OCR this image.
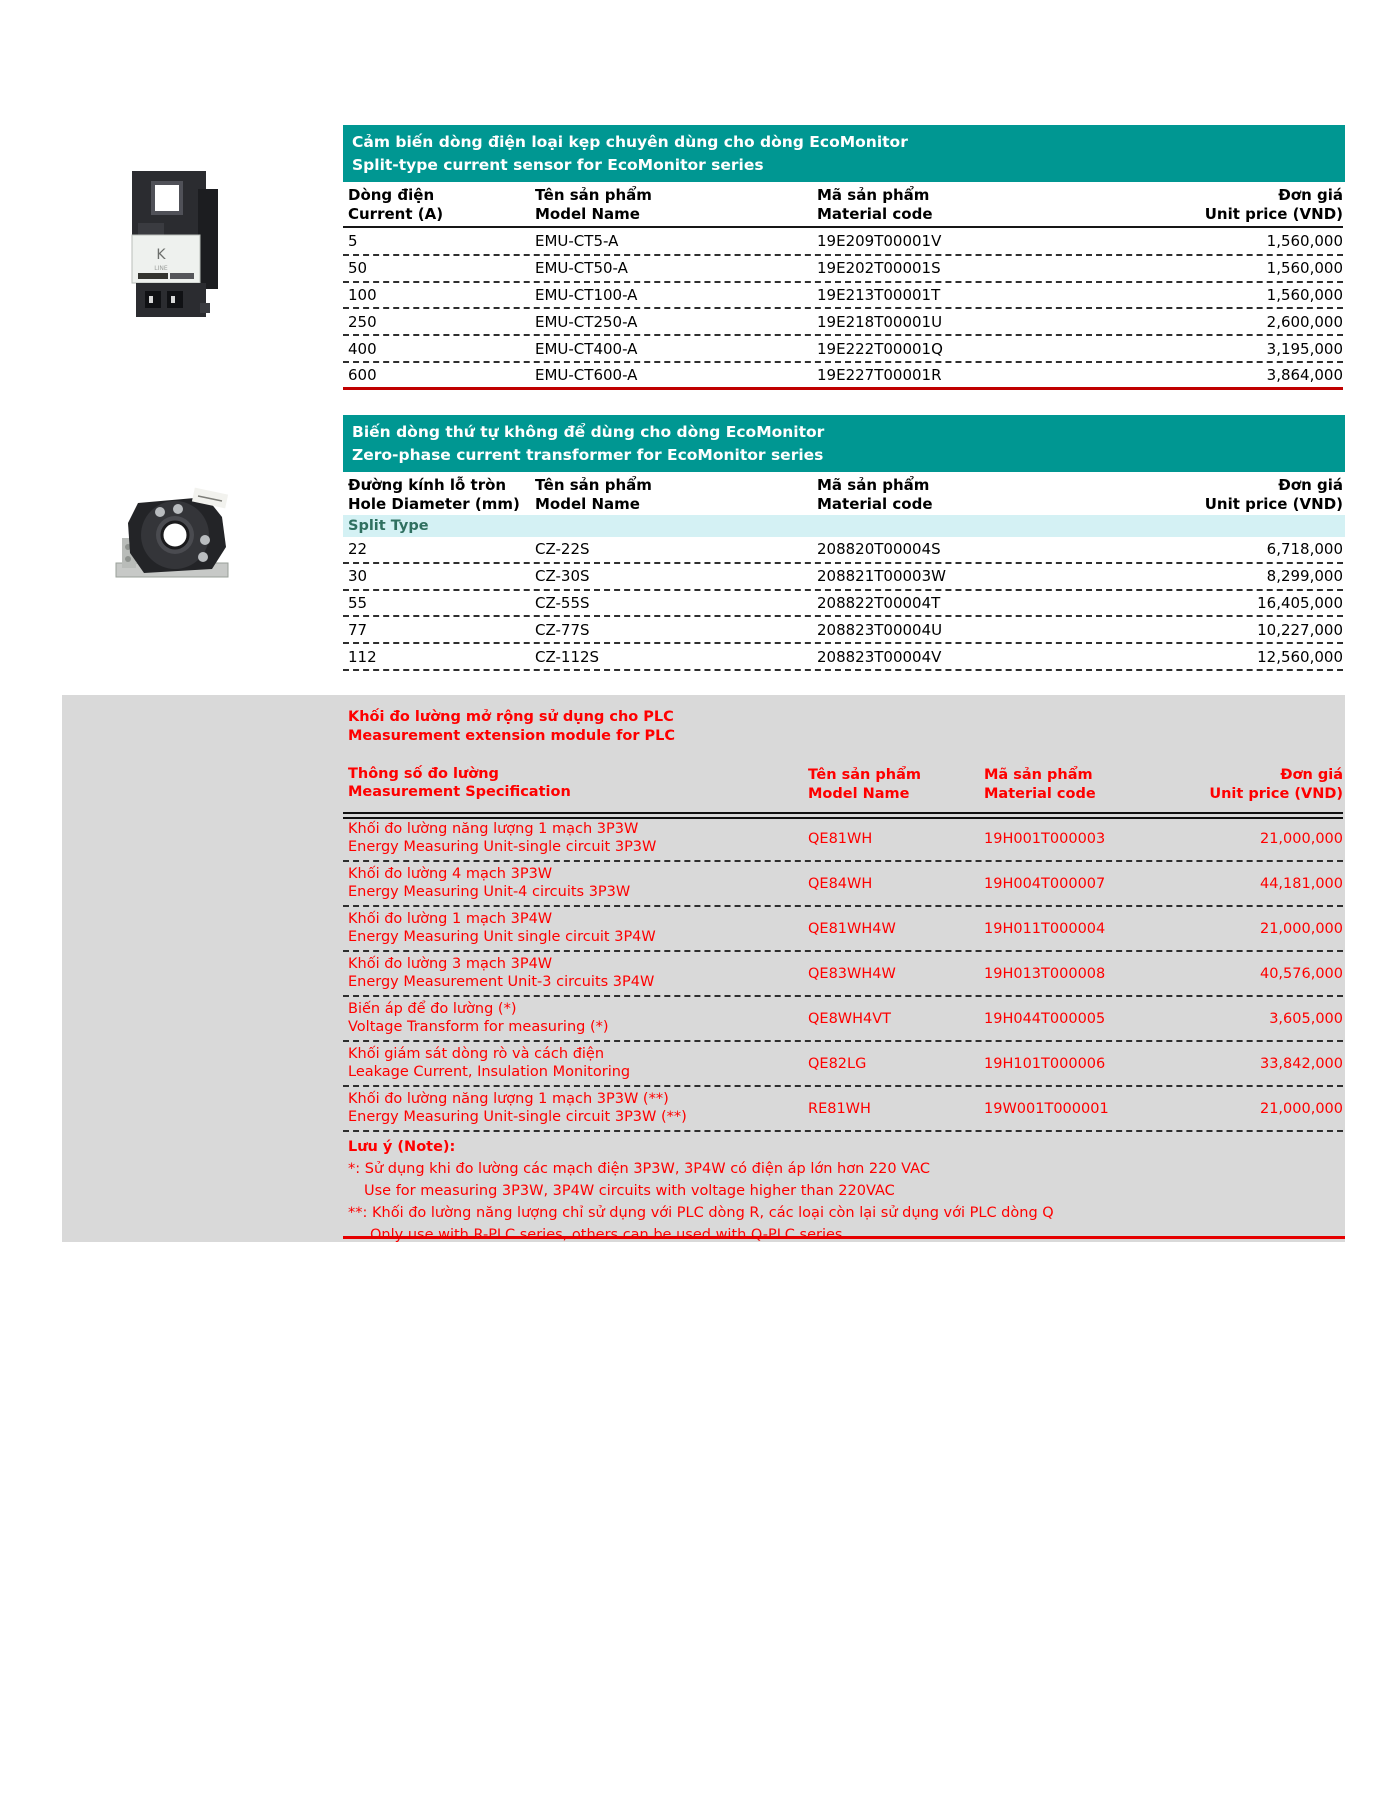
K
LINE
Cảm biến dòng điện loại kẹp chuyên dùng cho dòng EcoMonitor
Split-type current sensor for EcoMonitor series
Dòng điện
Current (A)
Tên sản phẩm
Model Name
Mã sản phẩm
Material code
Đơn giá
Unit price (VND)
5	EMU-CT5-A	19E209T00001V	1,560,000
50	EMU-CT50-A	19E202T00001S	1,560,000
100	EMU-CT100-A	19E213T00001T	1,560,000
250	EMU-CT250-A	19E218T00001U	2,600,000
400	EMU-CT400-A	19E222T00001Q	3,195,000
600	EMU-CT600-A	19E227T00001R	3,864,000
Biến dòng thứ tự không để dùng cho dòng EcoMonitor
Zero-phase current transformer for EcoMonitor series
Đường kính lỗ tròn
Hole Diameter (mm)
Tên sản phẩm
Model Name
Mã sản phẩm
Material code
Đơn giá
Unit price (VND)
Split Type
22	CZ-22S	208820T00004S	6,718,000
30	CZ-30S	208821T00003W	8,299,000
55	CZ-55S	208822T00004T	16,405,000
77	CZ-77S	208823T00004U	10,227,000
112	CZ-112S	208823T00004V	12,560,000
Khối đo lường mở rộng sử dụng cho PLC
Measurement extension module for PLC
Thông số đo lường
Measurement Specification
Tên sản phẩm
Model Name
Mã sản phẩm
Material code
Đơn giá
Unit price (VND)
Khối đo lường năng lượng 1 mạch 3P3W
Energy Measuring Unit-single circuit 3P3W	QE81WH	19H001T000003	21,000,000
Khối đo lường 4 mạch 3P3W
Energy Measuring Unit-4 circuits 3P3W	QE84WH	19H004T000007	44,181,000
Khối đo lường 1 mạch 3P4W
Energy Measuring Unit single circuit 3P4W	QE81WH4W	19H011T000004	21,000,000
Khối đo lường 3 mạch 3P4W
Energy Measurement Unit-3 circuits 3P4W	QE83WH4W	19H013T000008	40,576,000
Biến áp để đo lường (*)
Voltage Transform for measuring (*)	QE8WH4VT	19H044T000005	3,605,000
Khối giám sát dòng rò và cách điện
Leakage Current, Insulation Monitoring	QE82LG	19H101T000006	33,842,000
Khối đo lường năng lượng 1 mạch 3P3W (**)
Energy Measuring Unit-single circuit 3P3W (**)	RE81WH	19W001T000001	21,000,000
Lưu ý (Note):
*: Sử dụng khi đo lường các mạch điện 3P3W, 3P4W có điện áp lớn hơn 220 VAC
Use for measuring 3P3W, 3P4W circuits with voltage higher than 220VAC
**: Khối đo lường năng lượng chỉ sử dụng với PLC dòng R, các loại còn lại sử dụng với PLC dòng Q
Only use with R-PLC series, others can be used with Q-PLC series
